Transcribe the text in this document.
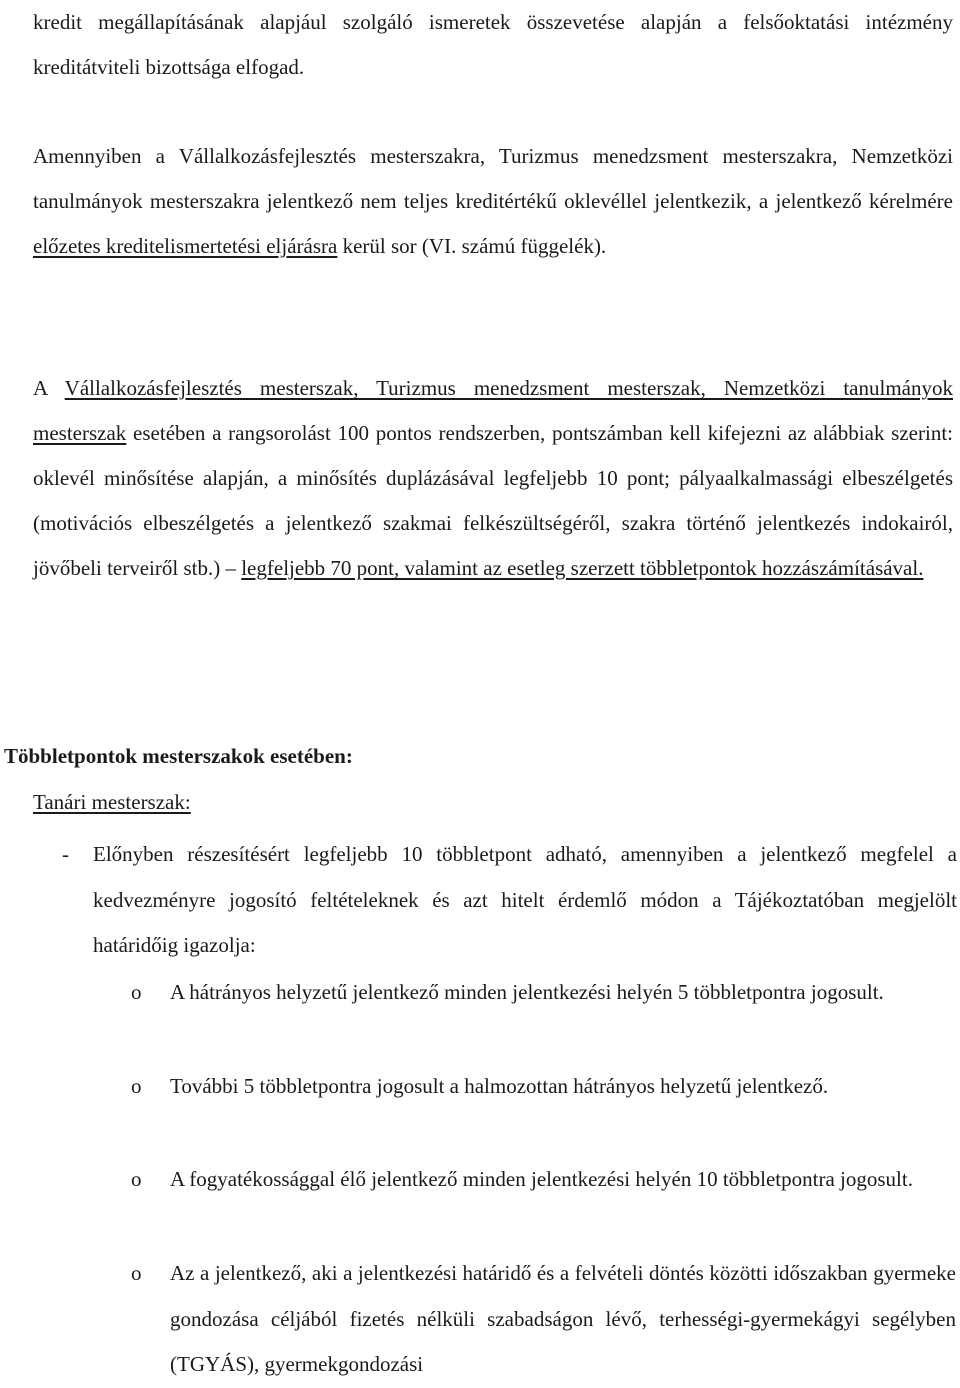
kredit megállapításának alapjául szolgáló ismeretek összevetése alapján a felsőoktatási intézmény kreditátviteli bizottsága elfogad.

Amennyiben a Vállalkozásfejlesztés mesterszakra, Turizmus menedzsment mesterszakra, Nemzetközi tanulmányok mesterszakra jelentkező nem teljes kreditértékű oklevéllel jelentkezik, a jelentkező kérelmére előzetes kreditelismertetési eljárásra kerül sor (VI. számú függelék).

A Vállalkozásfejlesztés mesterszak, Turizmus menedzsment mesterszak, Nemzetközi tanulmányok mesterszak esetében a rangsorolást 100 pontos rendszerben, pontszámban kell kifejezni az alábbiak szerint: oklevél minősítése alapján, a minősítés duplázásával legfeljebb 10 pont; pályaalkalmassági elbeszélgetés (motivációs elbeszélgetés a jelentkező szakmai felkészültségéről, szakra történő jelentkezés indokairól, jövőbeli terveiről stb.) – legfeljebb 70 pont, valamint az esetleg szerzett többletpontok hozzászámításával.

Többletpontok mesterszakok esetében:

Tanári mesterszak:

- Előnyben részesítésért legfeljebb 10 többletpont adható, amennyiben a jelentkező megfelel a kedvezményre jogosító feltételeknek és azt hitelt érdemlő módon a Tájékoztatóban megjelölt határidőig igazolja:

o A hátrányos helyzetű jelentkező minden jelentkezési helyén 5 többletpontra jogosult.

o További 5 többletpontra jogosult a halmozottan hátrányos helyzetű jelentkező.

o A fogyatékossággal élő jelentkező minden jelentkezési helyén 10 többletpontra jogosult.

o Az a jelentkező, aki a jelentkezési határidő és a felvételi döntés közötti időszakban gyermeke gondozása céljából fizetés nélküli szabadságon lévő, terhességi-gyermekágyi segélyben (TGYÁS), gyermekgondozási
